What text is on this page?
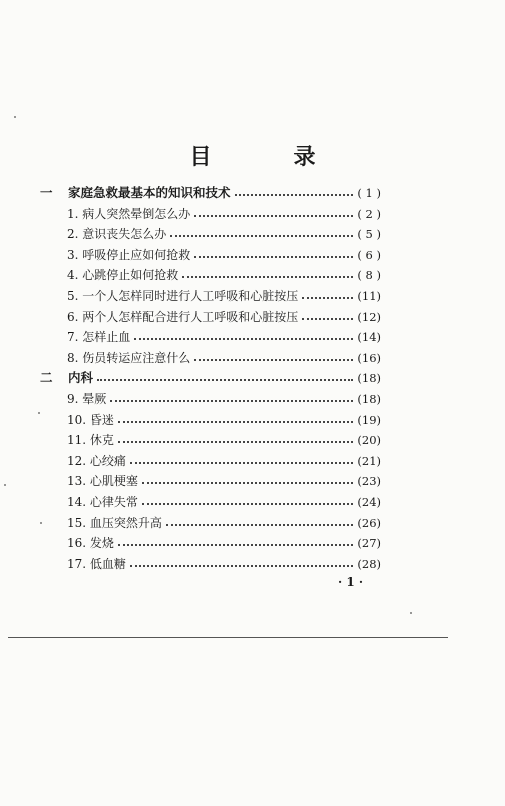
目　录
一	家庭急救最基本的知识和技术	( 1 )
1. 病人突然晕倒怎么办	( 2 )
2. 意识丧失怎么办	( 5 )
3. 呼吸停止应如何抢救	( 6 )
4. 心跳停止如何抢救	( 8 )
5. 一个人怎样同时进行人工呼吸和心脏按压	(11)
6. 两个人怎样配合进行人工呼吸和心脏按压	(12)
7. 怎样止血	(14)
8. 伤员转运应注意什么	(16)
二	内科	(18)
9. 晕厥	(18)
10. 昏迷	(19)
11. 休克	(20)
12. 心绞痛	(21)
13. 心肌梗塞	(23)
14. 心律失常	(24)
15. 血压突然升高	(26)
16. 发烧	(27)
17. 低血糖	(28)
· 1 ·
